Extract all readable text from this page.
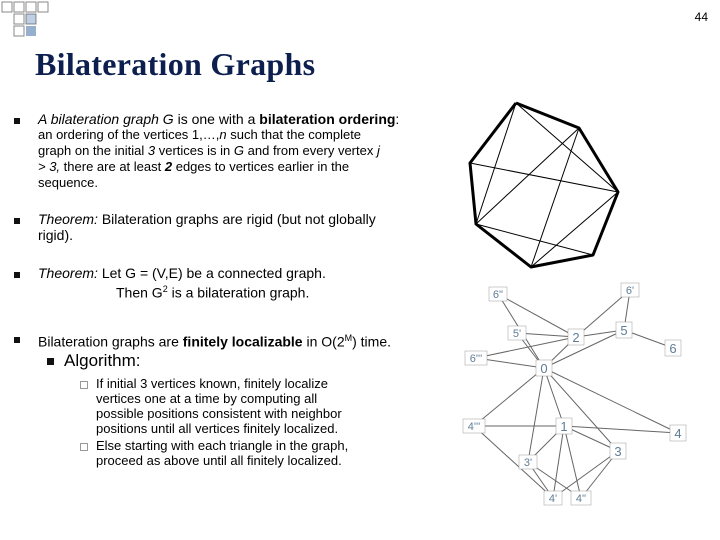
44
Bilateration Graphs
A bilateration graph G is one with a bilateration ordering:
an ordering of the vertices 1,…,n such that the complete
graph on the initial 3 vertices is in G and from every vertex j
> 3, there are at least 2 edges to vertices earlier in the
sequence.
Theorem: Bilateration graphs are rigid (but not globally
rigid).
Theorem: Let G = (V,E) be a connected graph.
Then $G^2$ is a bilateration graph.
Bilateration graphs are finitely localizable in $O(2^M)$ time.
Algorithm:
If initial 3 vertices known, finitely localize
vertices one at a time by computing all
possible positions consistent with neighbor
positions until all vertices finitely localized.
Else starting with each triangle in the graph,
proceed as above until all finitely localized.
6''	6'
5'	2	5
6
6'''
0
4'''	1	4
3'
3
4' 4''
